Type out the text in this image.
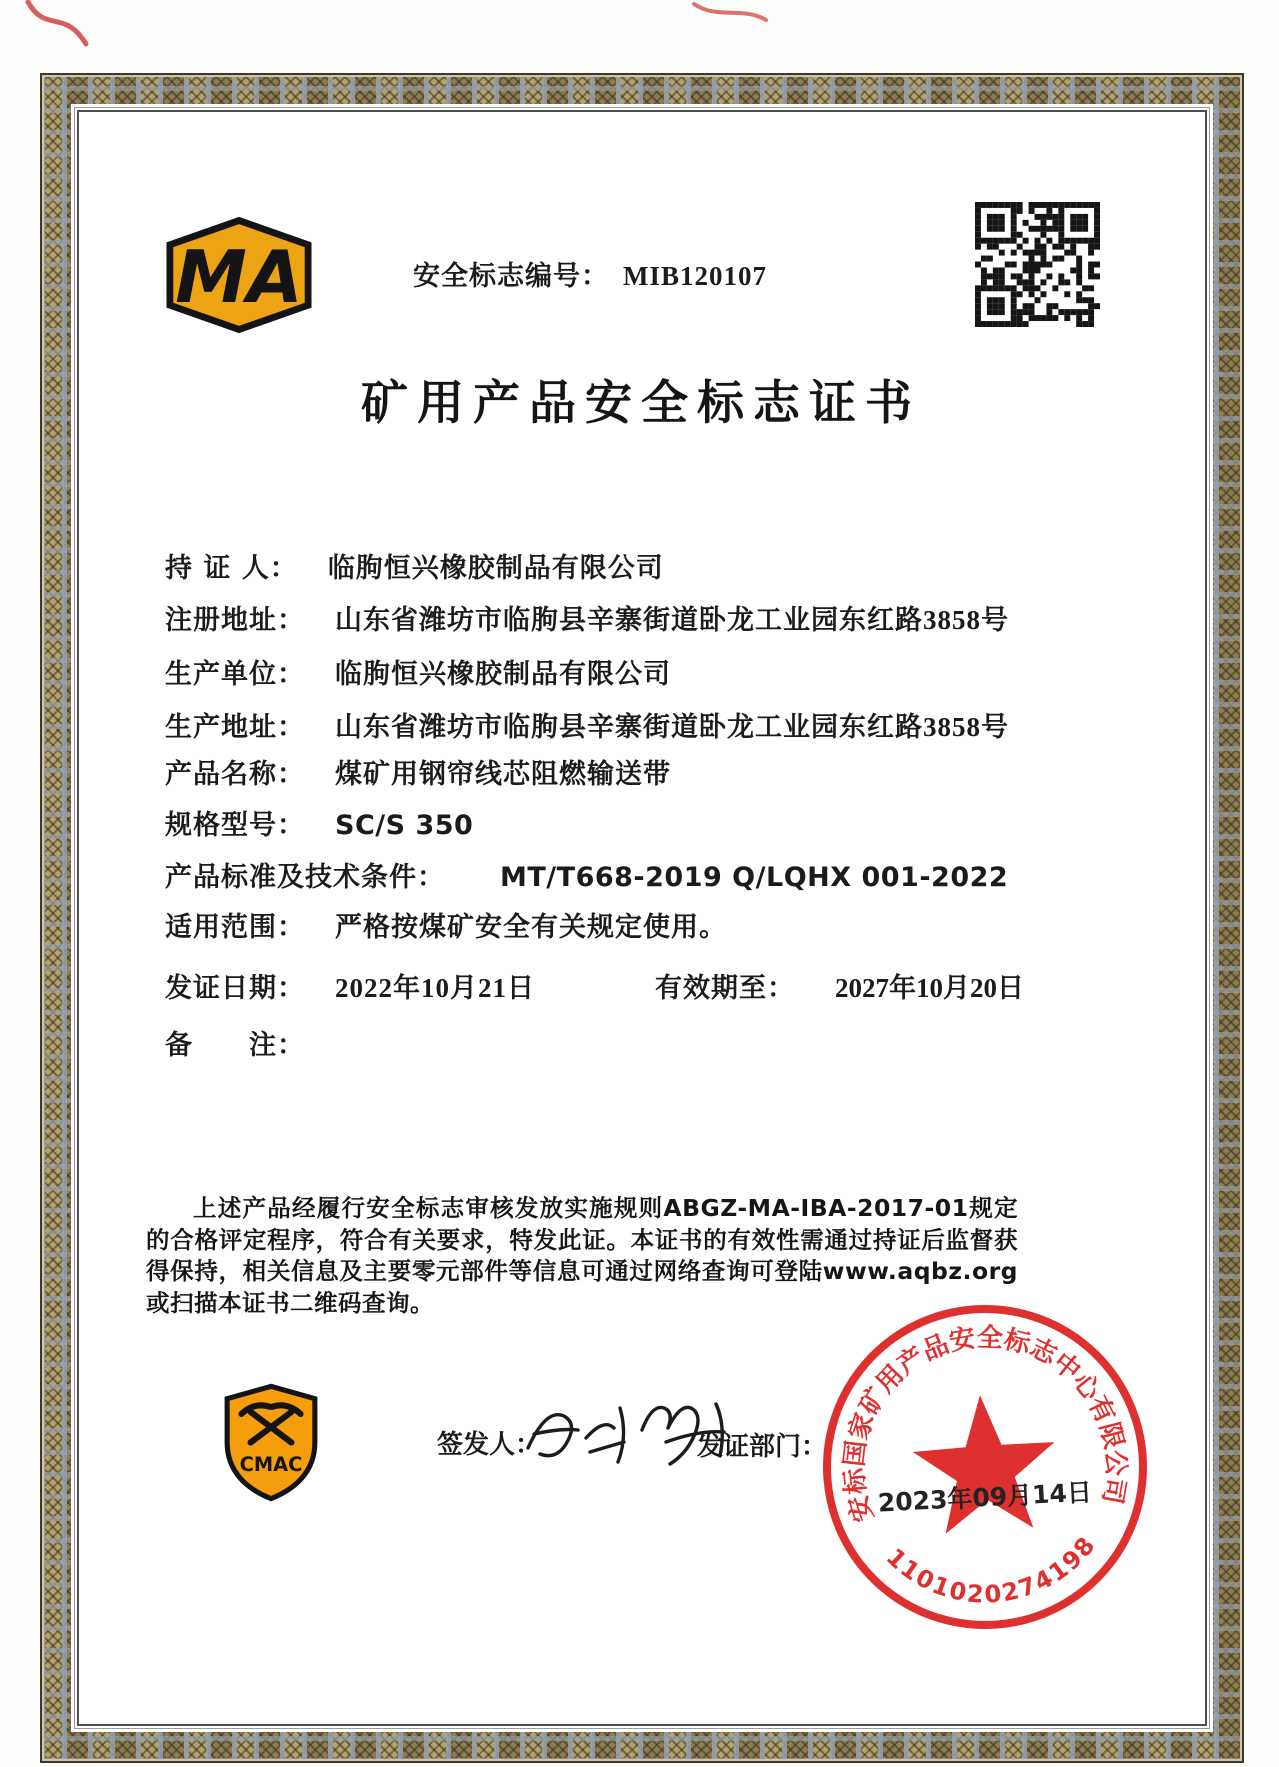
MA	安全标志编号： MIB120107
矿用产品安全标志证书
持 证 人： 临朐恒兴橡胶制品有限公司
注册地址： 山东省潍坊市临朐县辛寨街道卧龙工业园东红路3858号
生产单位： 临朐恒兴橡胶制品有限公司
生产地址： 山东省潍坊市临朐县辛寨街道卧龙工业园东红路3858号
产品名称： 煤矿用钢帘线芯阻燃输送带
规格型号： SC/S 350
产品标准及技术条件： MT/T668-2019 Q/LQHX 001-2022
适用范围： 严格按煤矿安全有关规定使用。
发证日期： 2022年10月21日	有效期至： 2027年10月20日
备　　注：
上述产品经履行安全标志审核发放实施规则ABGZ-MA-IBA-2017-01规定的合格评定程序，符合有关要求，特发此证。本证书的有效性需通过持证后监督获得保持，相关信息及主要零元部件等信息可通过网络查询可登陆www.aqbz.org或扫描本证书二维码查询。
CMAC
签发人：	发证部门：
安标国家矿用产品安全标志中心有限公司
1101020274198
2023年09月14日
